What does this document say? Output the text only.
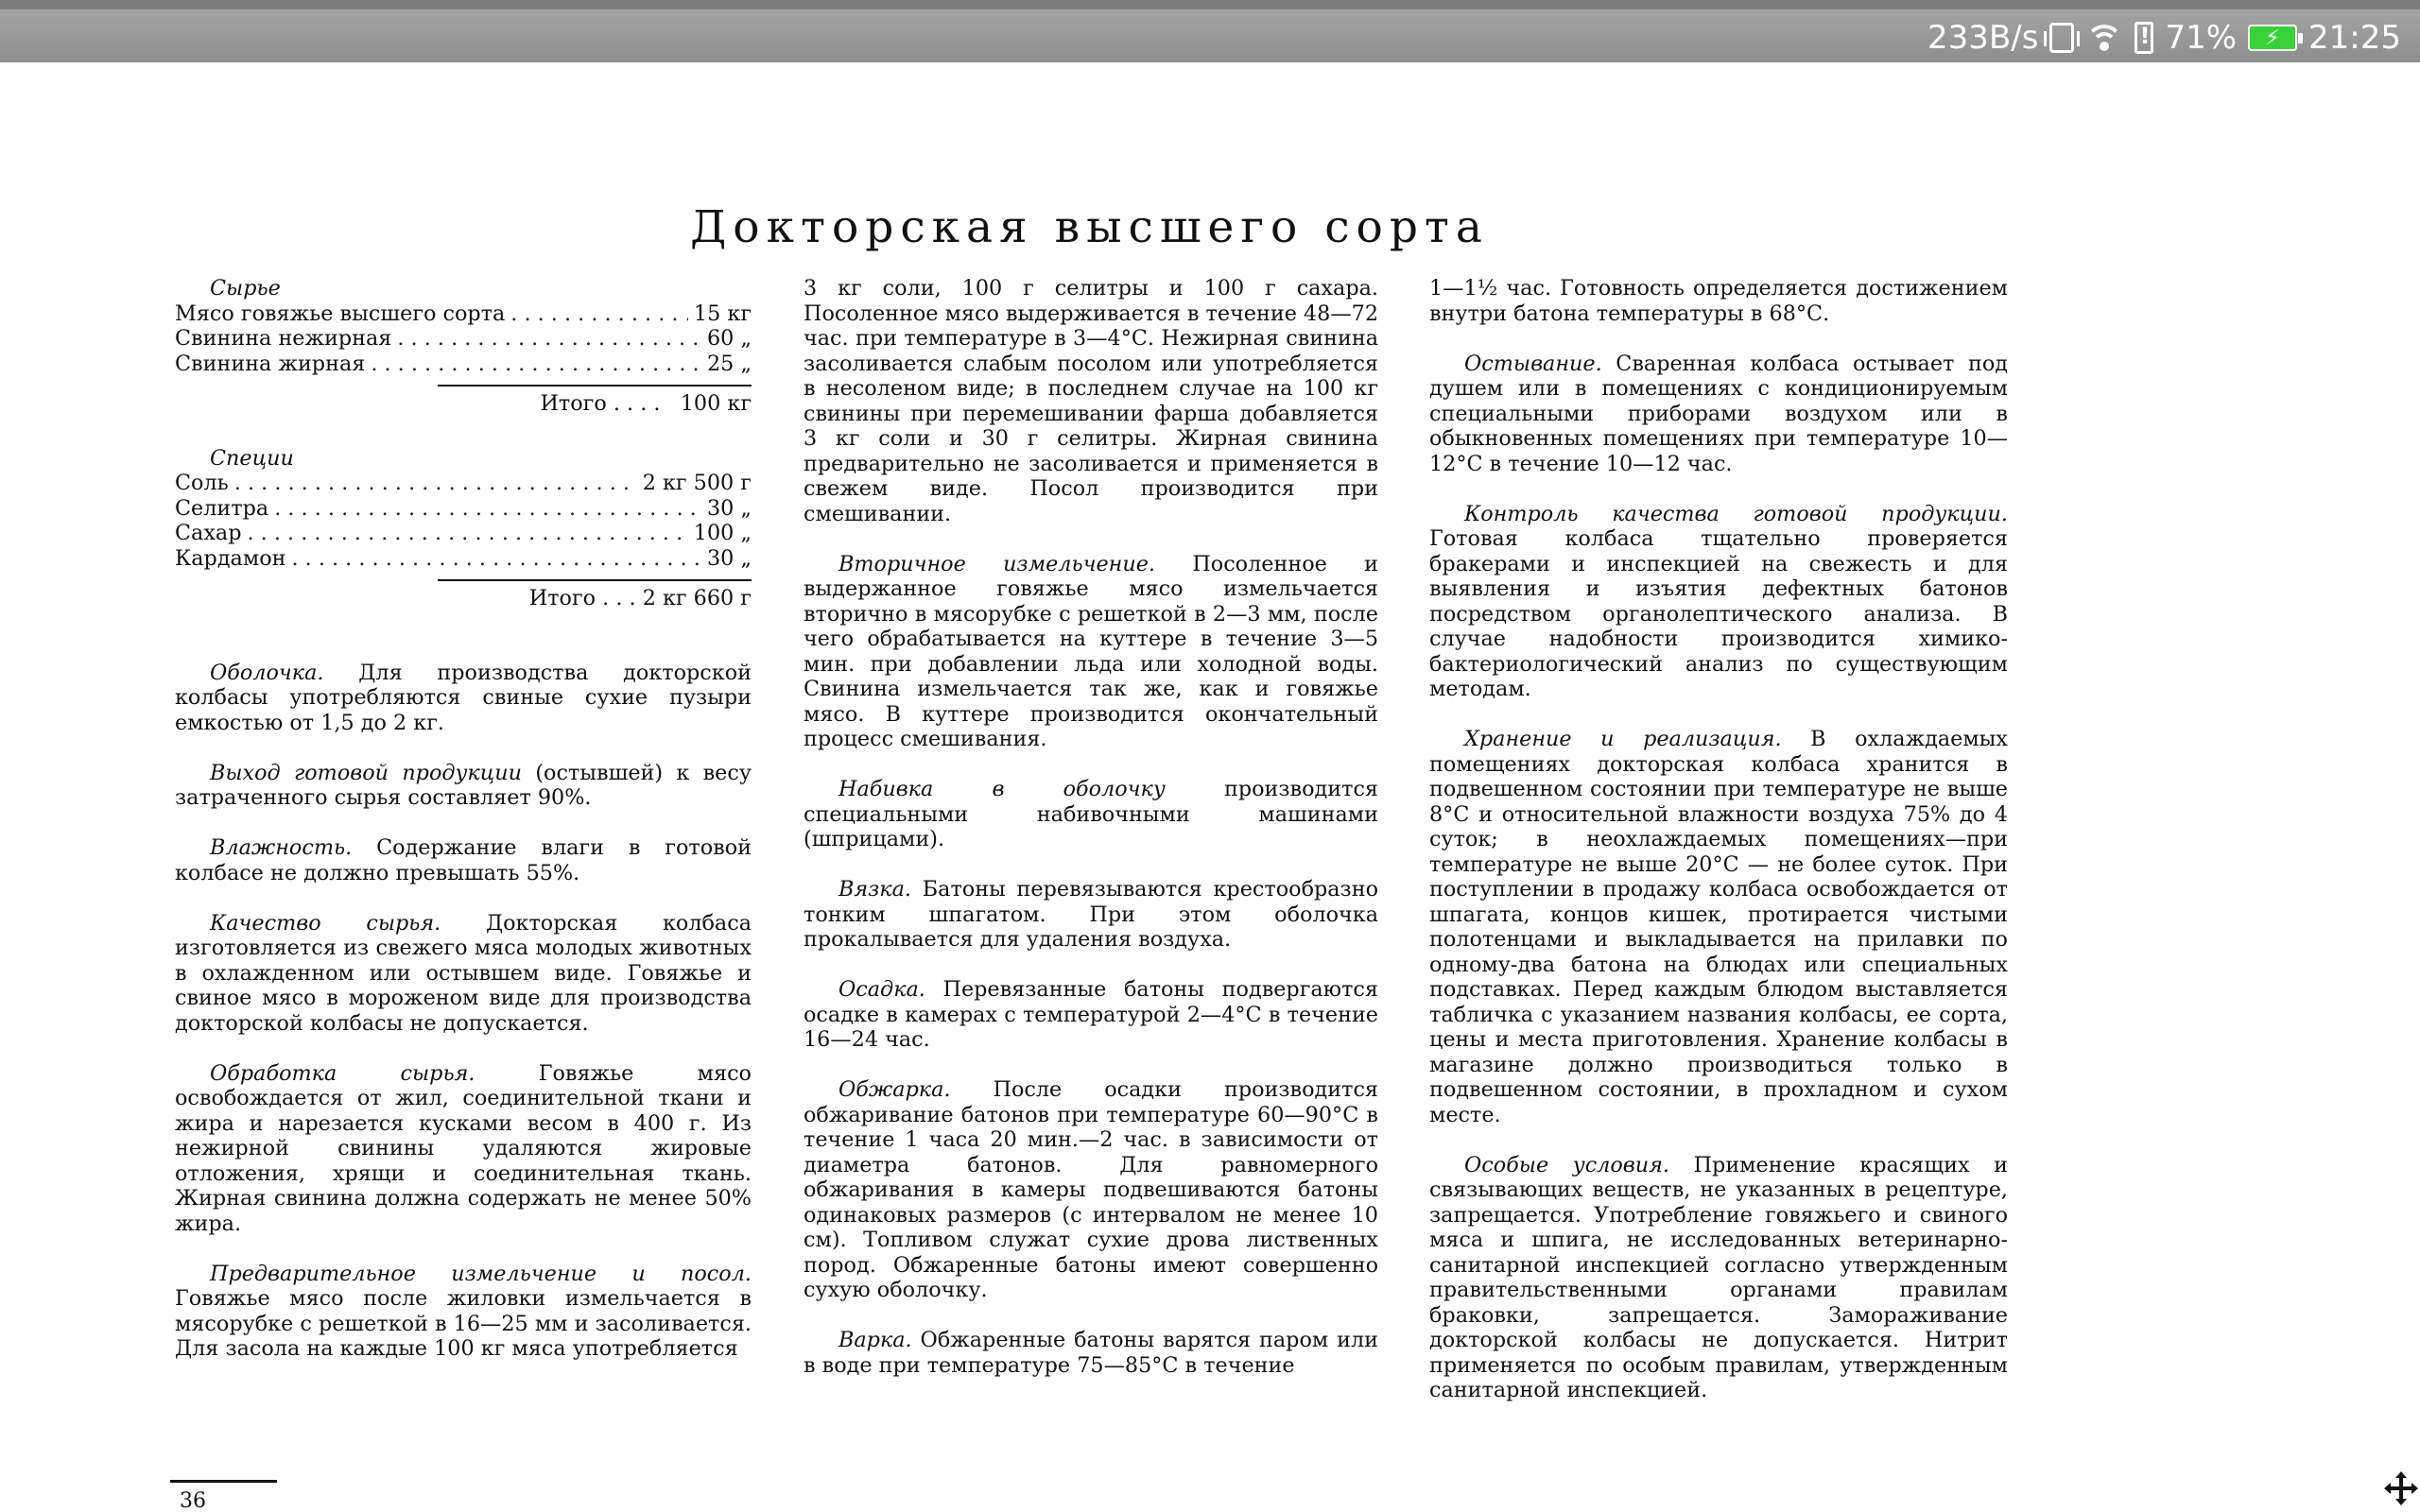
233B/s !	71%	⚡ 21:25
Докторская высшего сорта
Сырье
Мясо говяжье высшего сорта . . .	15 кг
Свинина нежирная . . .	60 „
Свинина жирная . . .	25 „
Итого . . . . 100 кг
Специи
Соль . . .	2 кг 500 г
Селитра . . .	30 „
Сахар . . .	100 „
Кардамон . . .	30 „
Итого . . . 2 кг 660 г

Оболочка. Для производства докторской колбасы употребляются свиные сухие пузыри емкостью от 1,5 до 2 кг.

Выход готовой продукции (остывшей) к весу затраченного сырья составляет 90%.

Влажность. Содержание влаги в готовой колбасе не должно превышать 55%.

Качество сырья. Докторская колбаса изготовляется из свежего мяса молодых животных в охлажденном или остывшем виде. Говяжье и свиное мясо в мороженом виде для производства докторской колбасы не допускается.

Обработка сырья. Говяжье мясо освобождается от жил, соединительной ткани и жира и нарезается кусками весом в 400 г. Из нежирной свинины удаляются жировые отложения, хрящи и соединительная ткань. Жирная свинина должна содержать не менее 50% жира.

Предварительное измельчение и посол. Говяжье мясо после жиловки измельчается в мясорубке с решеткой в 16—25 мм и засоливается. Для засола на каждые 100 кг мяса употребляется

3 кг соли, 100 г селитры и 100 г сахара. Посоленное мясо выдерживается в течение 48—72 час. при температуре в 3—4°С. Нежирная свинина засоливается слабым посолом или употребляется в несоленом виде; в последнем случае на 100 кг свинины при перемешивании фарша добавляется 3 кг соли и 30 г селитры. Жирная свинина предварительно не засоливается и применяется в свежем виде. Посол производится при смешивании.

Вторичное измельчение. Посоленное и выдержанное говяжье мясо измельчается вторично в мясорубке с решеткой в 2—3 мм, после чего обрабатывается на куттере в течение 3—5 мин. при добавлении льда или холодной воды. Свинина измельчается так же, как и говяжье мясо. В куттере производится окончательный процесс смешивания.

Набивка в оболочку производится специальными набивочными машинами (шприцами).

Вязка. Батоны перевязываются крестообразно тонким шпагатом. При этом оболочка прокалывается для удаления воздуха.

Осадка. Перевязанные батоны подвергаются осадке в камерах с температурой 2—4°С в течение 16—24 час.

Обжарка. После осадки производится обжаривание батонов при температуре 60—90°С в течение 1 часа 20 мин.—2 час. в зависимости от диаметра батонов. Для равномерного обжаривания в камеры подвешиваются батоны одинаковых размеров (с интервалом не менее 10 см). Топливом служат сухие дрова лиственных пород. Обжаренные батоны имеют совершенно сухую оболочку.

Варка. Обжаренные батоны варятся паром или в воде при температуре 75—85°С в течение

1—1½ час. Готовность определяется достижением внутри батона температуры в 68°С.

Остывание. Сваренная колбаса остывает под душем или в помещениях с кондиционируемым специальными приборами воздухом или в обыкновенных помещениях при температуре 10—12°С в течение 10—12 час.

Контроль качества готовой продукции. Готовая колбаса тщательно проверяется бракерами и инспекцией на свежесть и для выявления и изъятия дефектных батонов посредством органолептического анализа. В случае надобности производится химико-бактериологический анализ по существующим методам.

Хранение и реализация. В охлаждаемых помещениях докторская колбаса хранится в подвешенном состоянии при температуре не выше 8°С и относительной влажности воздуха 75% до 4 суток; в неохлаждаемых помещениях—при температуре не выше 20°С — не более суток. При поступлении в продажу колбаса освобождается от шпагата, концов кишек, протирается чистыми полотенцами и выкладывается на прилавки по одному-два батона на блюдах или специальных подставках. Перед каждым блюдом выставляется табличка с указанием названия колбасы, ее сорта, цены и места приготовления. Хранение колбасы в магазине должно производиться только в подвешенном состоянии, в прохладном и сухом месте.

Особые условия. Применение красящих и связывающих веществ, не указанных в рецептуре, запрещается. Употребление говяжьего и свиного мяса и шпига, не исследованных ветеринарно-санитарной инспекцией согласно утвержденным правительственными органами правилам браковки, запрещается. Замораживание докторской колбасы не допускается. Нитрит применяется по особым правилам, утвержденным санитарной инспекцией.

36
